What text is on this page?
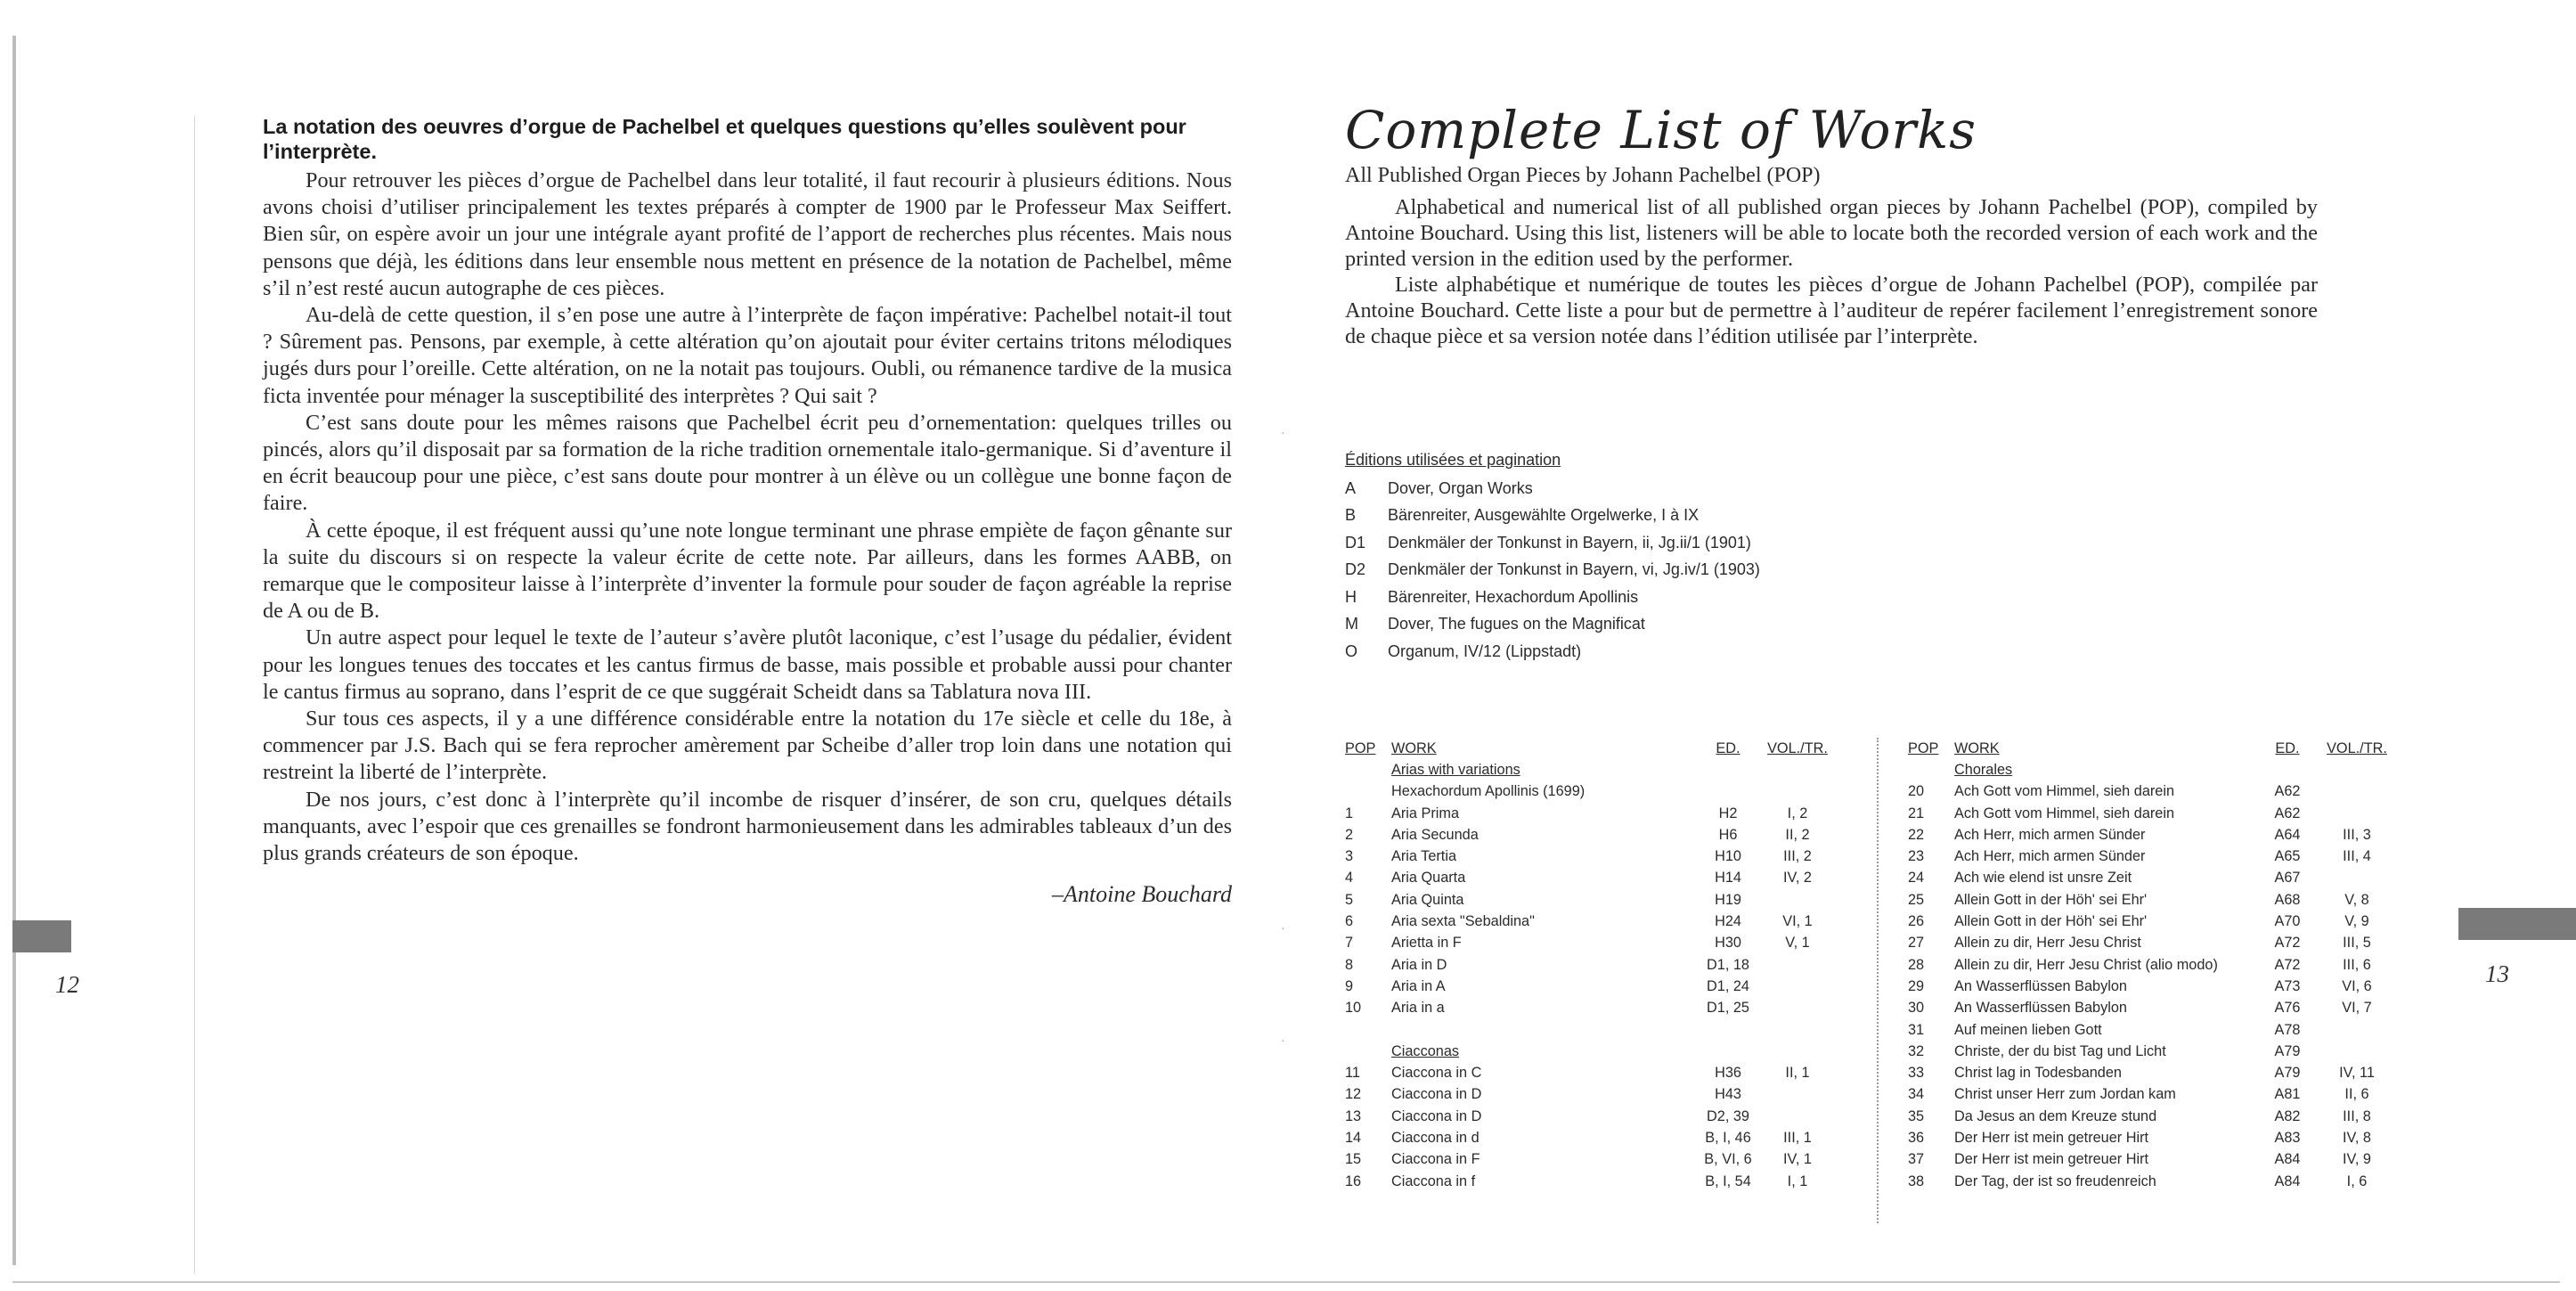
12	13
·
·
·
La notation des oeuvres d’orgue de Pachelbel et quelques questions qu’elles soulèvent pour l’interprète.

Pour retrouver les pièces d’orgue de Pachelbel dans leur totalité, il faut recourir à plusieurs éditions. Nous avons choisi d’utiliser principalement les textes préparés à compter de 1900 par le Professeur Max Seiffert. Bien sûr, on espère avoir un jour une intégrale ayant profité de l’apport de recherches plus récentes. Mais nous pensons que déjà, les éditions dans leur ensemble nous mettent en présence de la notation de Pachelbel, même s’il n’est resté aucun autographe de ces pièces.

Au-delà de cette question, il s’en pose une autre à l’interprète de façon impérative: Pachelbel notait-il tout ? Sûrement pas. Pensons, par exemple, à cette altération qu’on ajoutait pour éviter certains tritons mélodiques jugés durs pour l’oreille. Cette altération, on ne la notait pas toujours. Oubli, ou rémanence tardive de la musica ficta inventée pour ménager la susceptibilité des interprètes ? Qui sait ?

C’est sans doute pour les mêmes raisons que Pachelbel écrit peu d’ornementation: quelques trilles ou pincés, alors qu’il disposait par sa formation de la riche tradition ornementale italo-germanique. Si d’aventure il en écrit beaucoup pour une pièce, c’est sans doute pour montrer à un élève ou un collègue une bonne façon de faire.

À cette époque, il est fréquent aussi qu’une note longue terminant une phrase empiète de façon gênante sur la suite du discours si on respecte la valeur écrite de cette note. Par ailleurs, dans les formes AABB, on remarque que le compositeur laisse à l’interprète d’inventer la formule pour souder de façon agréable la reprise de A ou de B.

Un autre aspect pour lequel le texte de l’auteur s’avère plutôt laconique, c’est l’usage du pédalier, évident pour les longues tenues des toccates et les cantus firmus de basse, mais possible et probable aussi pour chanter le cantus firmus au soprano, dans l’esprit de ce que suggérait Scheidt dans sa Tablatura nova III.

Sur tous ces aspects, il y a une différence considérable entre la notation du 17e siècle et celle du 18e, à commencer par J.S. Bach qui se fera reprocher amèrement par Scheibe d’aller trop loin dans une notation qui restreint la liberté de l’interprète.

De nos jours, c’est donc à l’interprète qu’il incombe de risquer d’insérer, de son cru, quelques détails manquants, avec l’espoir que ces grenailles se fondront harmonieusement dans les admirables tableaux d’un des plus grands créateurs de son époque.

–Antoine Bouchard
Complete List of Works
All Published Organ Pieces by Johann Pachelbel (POP)

Alphabetical and numerical list of all published organ pieces by Johann Pachelbel (POP), compiled by Antoine Bouchard. Using this list, listeners will be able to locate both the recorded version of each work and the printed version in the edition used by the performer.

Liste alphabétique et numérique de toutes les pièces d’orgue de Johann Pachelbel (POP), compilée par Antoine Bouchard. Cette liste a pour but de permettre à l’auditeur de repérer facilement l’enregistrement sonore de chaque pièce et sa version notée dans l’édition utilisée par l’interprète.

Éditions utilisées et pagination
A	Dover, Organ Works
B	Bärenreiter, Ausgewählte Orgelwerke, I à IX
D1	Denkmäler der Tonkunst in Bayern, ii, Jg.ii/1 (1901)
D2	Denkmäler der Tonkunst in Bayern, vi, Jg.iv/1 (1903)
H	Bärenreiter, Hexachordum Apollinis
M	Dover, The fugues on the Magnificat
O	Organum, IV/12 (Lippstadt)
POP	WORK	ED.	VOL./TR.
	Arias with variations		
	Hexachordum Apollinis (1699)		
1	Aria Prima	H2	I, 2
2	Aria Secunda	H6	II, 2
3	Aria Tertia	H10	III, 2
4	Aria Quarta	H14	IV, 2
5	Aria Quinta	H19	
6	Aria sexta "Sebaldina"	H24	VI, 1
7	Arietta in F	H30	V, 1
8	Aria in D	D1, 18	
9	Aria in A	D1, 24	
10	Aria in a	D1, 25	

	Ciacconas		
11	Ciaccona in C	H36	II, 1
12	Ciaccona in D	H43	
13	Ciaccona in D	D2, 39	
14	Ciaccona in d	B, I, 46	III, 1
15	Ciaccona in F	B, VI, 6	IV, 1
16	Ciaccona in f	B, I, 54	I, 1
POP	WORK	ED.	VOL./TR.
	Chorales		
20	Ach Gott vom Himmel, sieh darein	A62	
21	Ach Gott vom Himmel, sieh darein	A62	
22	Ach Herr, mich armen Sünder	A64	III, 3
23	Ach Herr, mich armen Sünder	A65	III, 4
24	Ach wie elend ist unsre Zeit	A67	
25	Allein Gott in der Höh' sei Ehr'	A68	V, 8
26	Allein Gott in der Höh' sei Ehr'	A70	V, 9
27	Allein zu dir, Herr Jesu Christ	A72	III, 5
28	Allein zu dir, Herr Jesu Christ (alio modo)	A72	III, 6
29	An Wasserflüssen Babylon	A73	VI, 6
30	An Wasserflüssen Babylon	A76	VI, 7
31	Auf meinen lieben Gott	A78	
32	Christe, der du bist Tag und Licht	A79	
33	Christ lag in Todesbanden	A79	IV, 11
34	Christ unser Herr zum Jordan kam	A81	II, 6
35	Da Jesus an dem Kreuze stund	A82	III, 8
36	Der Herr ist mein getreuer Hirt	A83	IV, 8
37	Der Herr ist mein getreuer Hirt	A84	IV, 9
38	Der Tag, der ist so freudenreich	A84	I, 6
